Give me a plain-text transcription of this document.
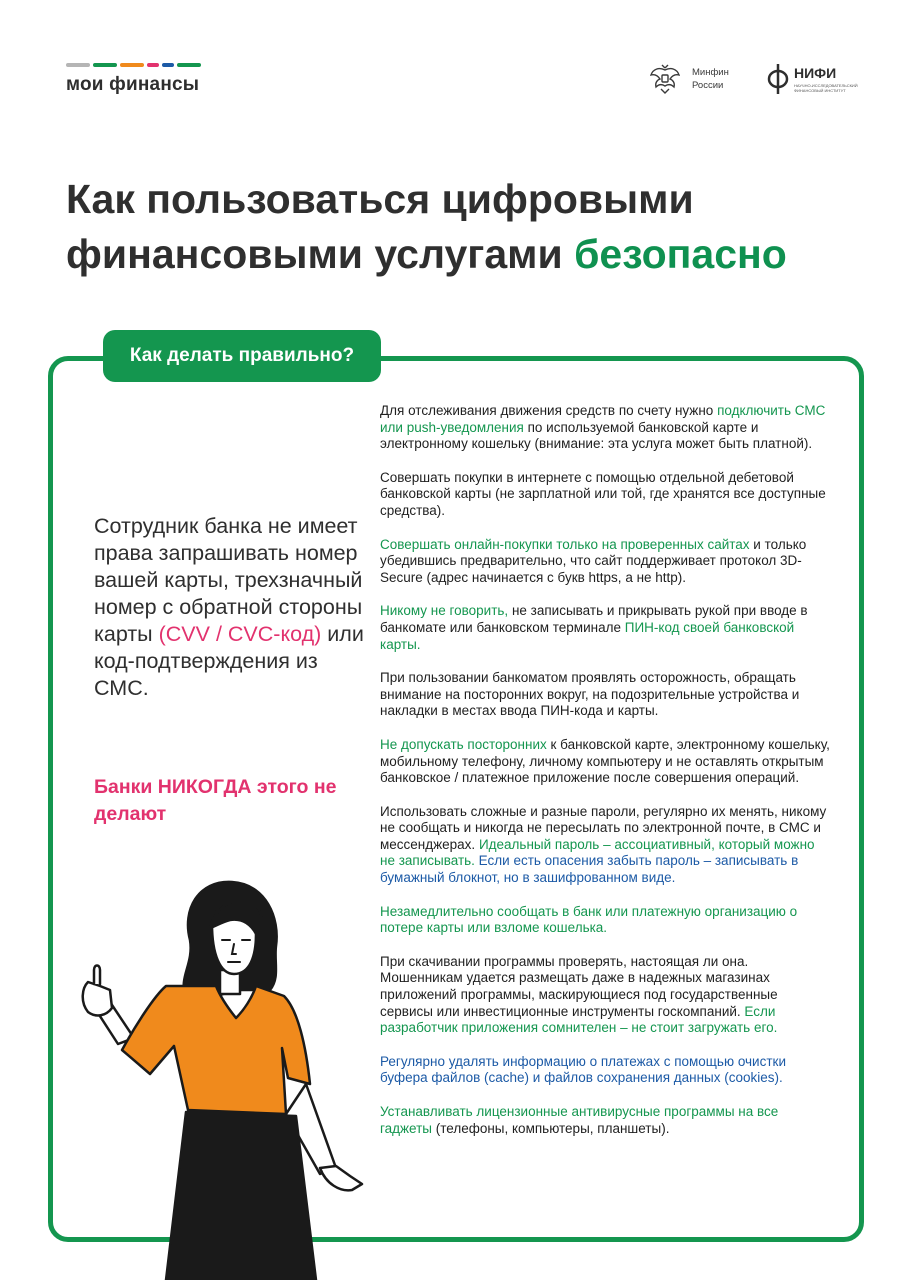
мои финансы
Минфин
России
НИФИ
НАУЧНО-ИССЛЕДОВАТЕЛЬСКИЙ ФИНАНСОВЫЙ ИНСТИТУТ
Как пользоваться цифровыми
финансовыми услугами безопасно
Как делать правильно?
Сотрудник банка не имеет права запрашивать номер вашей карты, трехзначный номер с обратной стороны карты (CVV / CVC-код) или код-подтверждения из СМС.
Банки НИКОГДА этого не делают

Для отслеживания движения средств по счету нужно подключить СМС или push-уведомления по используемой банковской карте и электронному кошельку (внимание: эта услуга может быть платной).

Совершать покупки в интернете с помощью отдельной дебетовой банковской карты (не зарплатной или той, где хранятся все доступные средства).

Совершать онлайн-покупки только на проверенных сайтах и только убедившись предварительно, что сайт поддерживает протокол 3D-Secure (адрес начинается с букв https, а не http).

Никому не говорить, не записывать и прикрывать рукой при вводе в банкомате или банковском терминале ПИН-код своей банковской карты.

При пользовании банкоматом проявлять осторожность, обращать внимание на посторонних вокруг, на подозрительные устройства и накладки в местах ввода ПИН-кода и карты.

Не допускать посторонних к банковской карте, электронному кошельку, мобильному телефону, личному компьютеру и не оставлять открытым банковское / платежное приложение после совершения операций.

Использовать сложные и разные пароли, регулярно их менять, никому не сообщать и никогда не пересылать по электронной почте, в СМС и мессенджерах. Идеальный пароль – ассоциативный, который можно не записывать. Если есть опасения забыть пароль – записывать в бумажный блокнот, но в зашифрованном виде.

Незамедлительно сообщать в банк или платежную организацию о потере карты или взломе кошелька.

При скачивании программы проверять, настоящая ли она. Мошенникам удается размещать даже в надежных магазинах приложений программы, маскирующиеся под государственные сервисы или инвестиционные инструменты госкомпаний. Если разработчик приложения сомнителен – не стоит загружать его.

Регулярно удалять информацию о платежах с помощью очистки буфера файлов (cache) и файлов сохранения данных (cookies).

Устанавливать лицензионные антивирусные программы на все гаджеты (телефоны, компьютеры, планшеты).
